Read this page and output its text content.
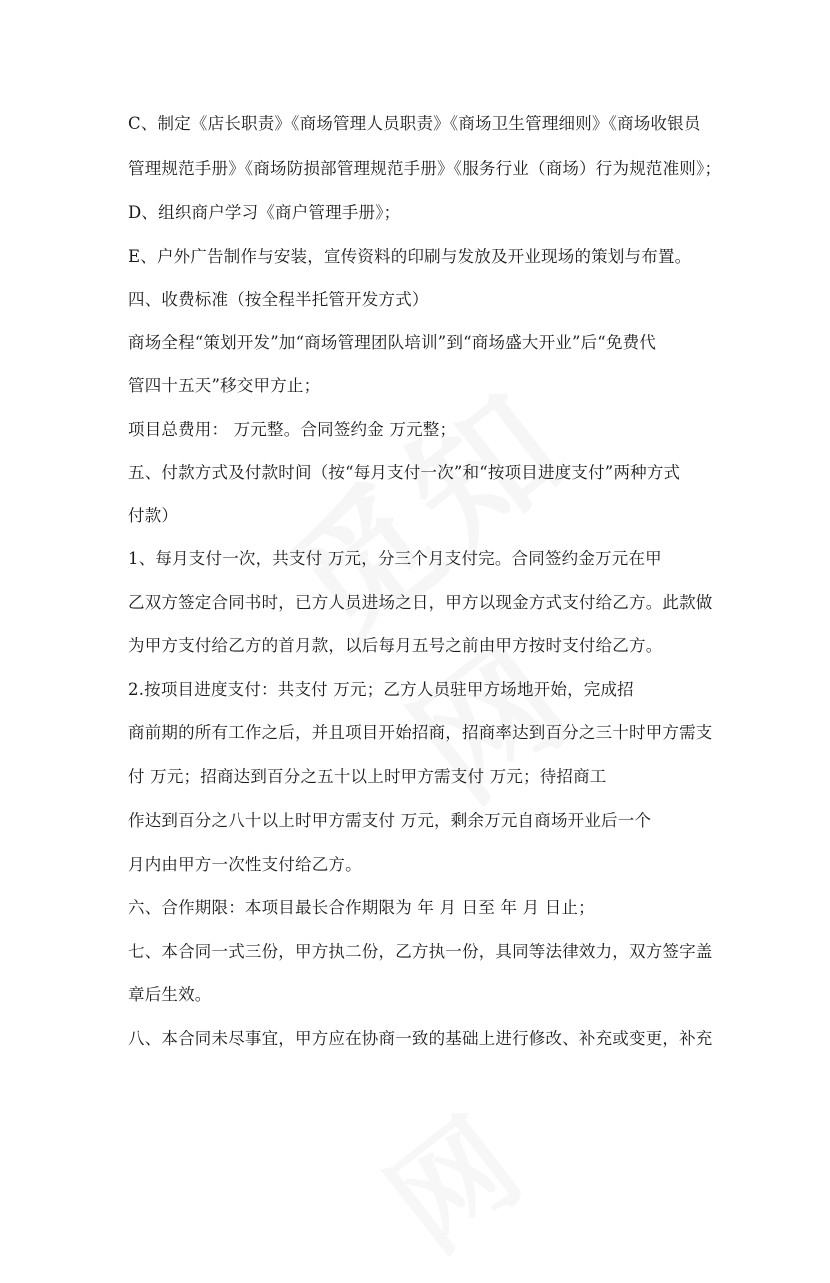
C、制定《店长职责》《商场管理人员职责》《商场卫生管理细则》《商场收银员
管理规范手册》《商场防损部管理规范手册》《服务行业（商场）行为规范准则》；
D、组织商户学习《商户管理手册》；
E、户外广告制作与安装，宣传资料的印刷与发放及开业现场的策划与布置。
四、收费标准（按全程半托管开发方式）
商场全程“策划开发”加“商场管理团队培训”到“商场盛大开业”后“免费代
管四十五天”移交甲方止；
项目总费用： 万元整。合同签约金 万元整；
五、付款方式及付款时间（按“每月支付一次”和“按项目进度支付”两种方式
付款）
1、每月支付一次，共支付 万元，分三个月支付完。合同签约金万元在甲
乙双方签定合同书时，已方人员进场之日，甲方以现金方式支付给乙方。此款做
为甲方支付给乙方的首月款，以后每月五号之前由甲方按时支付给乙方。
2.按项目进度支付：共支付 万元；乙方人员驻甲方场地开始，完成招
商前期的所有工作之后，并且项目开始招商，招商率达到百分之三十时甲方需支
付 万元；招商达到百分之五十以上时甲方需支付 万元；待招商工
作达到百分之八十以上时甲方需支付 万元，剩余万元自商场开业后一个
月内由甲方一次性支付给乙方。
六、合作期限：本项目最长合作期限为 年 月 日至 年 月 日止；
七、本合同一式三份，甲方执二份，乙方执一份，具同等法律效力，双方签字盖
章后生效。
八、本合同未尽事宜，甲方应在协商一致的基础上进行修改、补充或变更，补充
